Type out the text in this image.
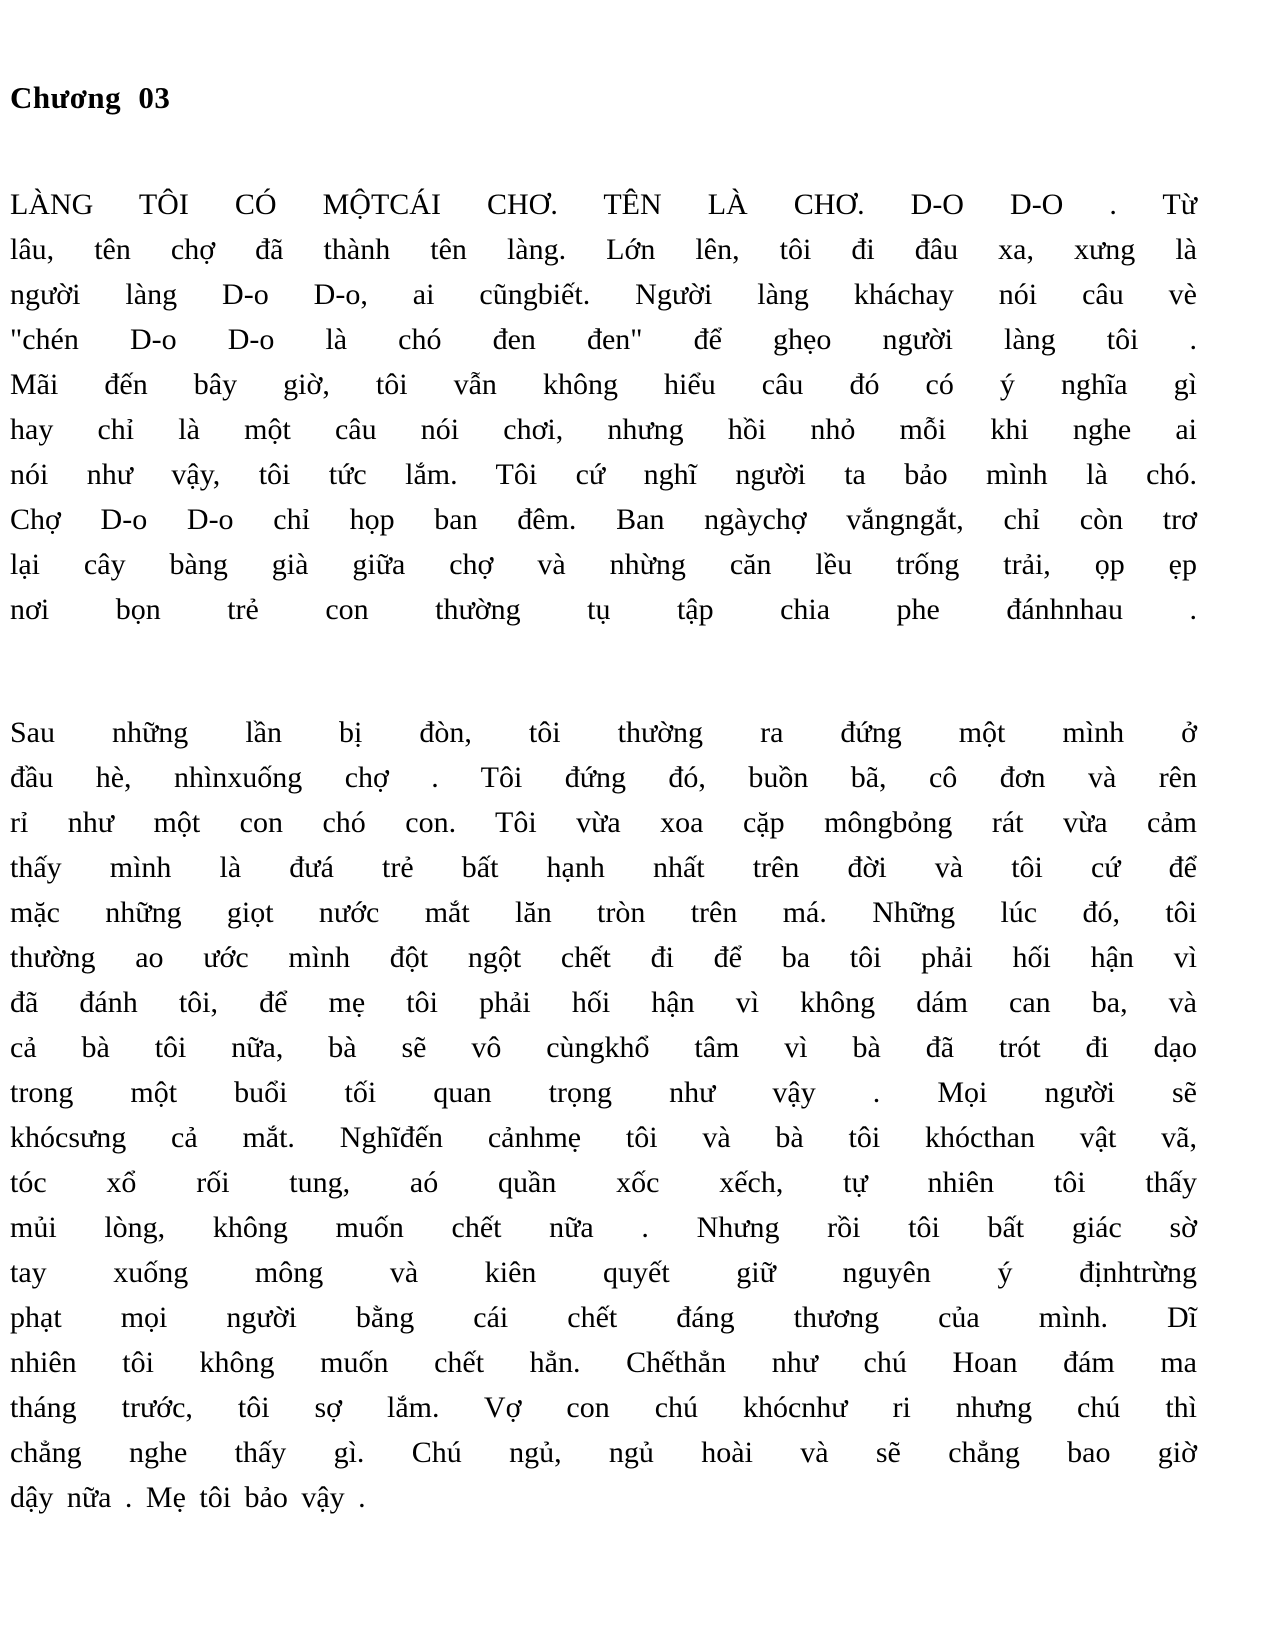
Chương 03
LÀNG TÔI CÓ MỘTCÁI CHƠ. TÊN LÀ CHƠ. D-O D-O . Từ
lâu, tên chợ đã thành tên làng. Lớn lên, tôi đi đâu xa, xưng là
người làng D-o D-o, ai cũngbiết. Người làng kháchay nói câu vè
"chén D-o D-o là chó đen đen" để ghẹo người làng tôi .
Mãi đến bây giờ, tôi vẫn không hiểu câu đó có ý nghĩa gì
hay chỉ là một câu nói chơi, nhưng hồi nhỏ mỗi khi nghe ai
nói như vậy, tôi tức lắm. Tôi cứ nghĩ người ta bảo mình là chó.
Chợ D-o D-o chỉ họp ban đêm. Ban ngàychợ vắngngắt, chỉ còn trơ
lại cây bàng già giữa chợ và nhừng căn lều trống trải, ọp ẹp
nơi bọn trẻ con thường tụ tập chia phe đánhnhau .
Sau những lần bị đòn, tôi thường ra đứng một mình ở
đầu hè, nhìnxuống chợ . Tôi đứng đó, buồn bã, cô đơn và rên
rỉ như một con chó con. Tôi vừa xoa cặp môngbỏng rát vừa cảm
thấy mình là đưá trẻ bất hạnh nhất trên đời và tôi cứ để
mặc những giọt nước mắt lăn tròn trên má. Những lúc đó, tôi
thường ao ước mình đột ngột chết đi để ba tôi phải hối hận vì
đã đánh tôi, để mẹ tôi phải hối hận vì không dám can ba, và
cả bà tôi nữa, bà sẽ vô cùngkhổ tâm vì bà đã trót đi dạo
trong một buổi tối quan trọng như vậy . Mọi người sẽ
khócsưng cả mắt. Nghĩđến cảnhmẹ tôi và bà tôi khócthan vật vã,
tóc xổ rối tung, aó quần xốc xếch, tự nhiên tôi thấy
mủi lòng, không muốn chết nữa . Nhưng rồi tôi bất giác sờ
tay xuống mông và kiên quyết giữ nguyên ý địnhtrừng
phạt mọi người bằng cái chết đáng thương của mình. Dĩ
nhiên tôi không muốn chết hẳn. Chếthẳn như chú Hoan đám ma
tháng trước, tôi sợ lắm. Vợ con chú khócnhư ri nhưng chú thì
chẳng nghe thấy gì. Chú ngủ, ngủ hoài và sẽ chẳng bao giờ
dậy nữa . Mẹ tôi bảo vậy .
